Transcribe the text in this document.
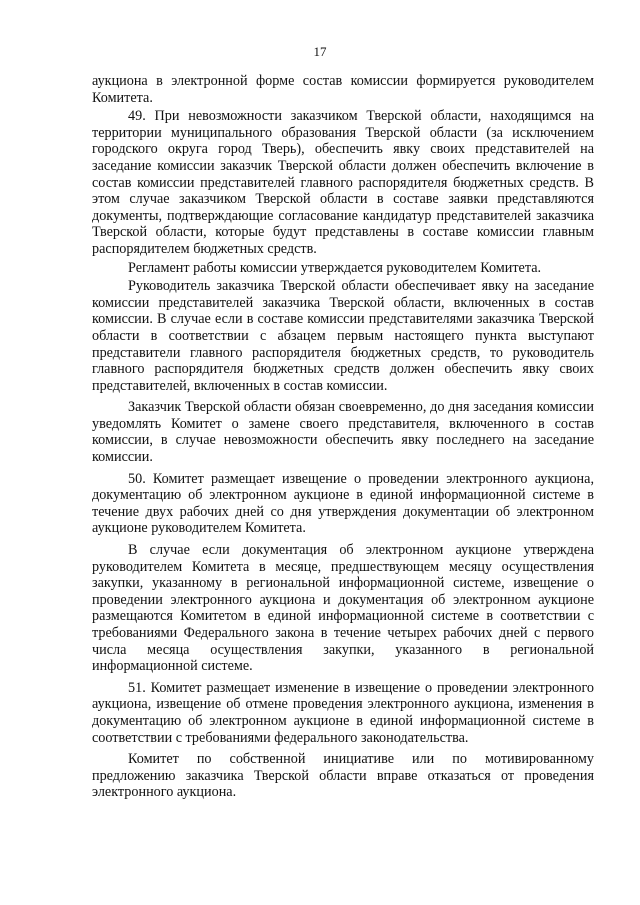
17

аукциона в электронной форме состав комиссии формируется руководителем Комитета.

49. При невозможности заказчиком Тверской области, находящимся на территории муниципального образования Тверской области (за исключением городского округа город Тверь), обеспечить явку своих представителей на заседание комиссии заказчик Тверской области должен обеспечить включение в состав комиссии представителей главного распорядителя бюджетных средств. В этом случае заказчиком Тверской области в составе заявки представляются документы, подтверждающие согласование кандидатур представителей заказчика Тверской области, которые будут представлены в составе комиссии главным распорядителем бюджетных средств.

Регламент работы комиссии утверждается руководителем Комитета.

Руководитель заказчика Тверской области обеспечивает явку на заседание комиссии представителей заказчика Тверской области, включенных в состав комиссии. В случае если в составе комиссии представителями заказчика Тверской области в соответствии с абзацем первым настоящего пункта выступают представители главного распорядителя бюджетных средств, то руководитель главного распорядителя бюджетных средств должен обеспечить явку своих представителей, включенных в состав комиссии.

Заказчик Тверской области обязан своевременно, до дня заседания комиссии уведомлять Комитет о замене своего представителя, включенного в состав комиссии, в случае невозможности обеспечить явку последнего на заседание комиссии.

50. Комитет размещает извещение о проведении электронного аукциона, документацию об электронном аукционе в единой информационной системе в течение двух рабочих дней со дня утверждения документации об электронном аукционе руководителем Комитета.

В случае если документация об электронном аукционе утверждена руководителем Комитета в месяце, предшествующем месяцу осуществления закупки, указанному в региональной информационной системе, извещение о проведении электронного аукциона и документация об электронном аукционе размещаются Комитетом в единой информационной системе в соответствии с требованиями Федерального закона в течение четырех рабочих дней с первого числа месяца осуществления закупки, указанного в региональной информационной системе.

51. Комитет размещает изменение в извещение о проведении электронного аукциона, извещение об отмене проведения электронного аукциона, изменения в документацию об электронном аукционе в единой информационной системе в соответствии с требованиями федерального законодательства.

Комитет по собственной инициативе или по мотивированному предложению заказчика Тверской области вправе отказаться от проведения электронного аукциона.
